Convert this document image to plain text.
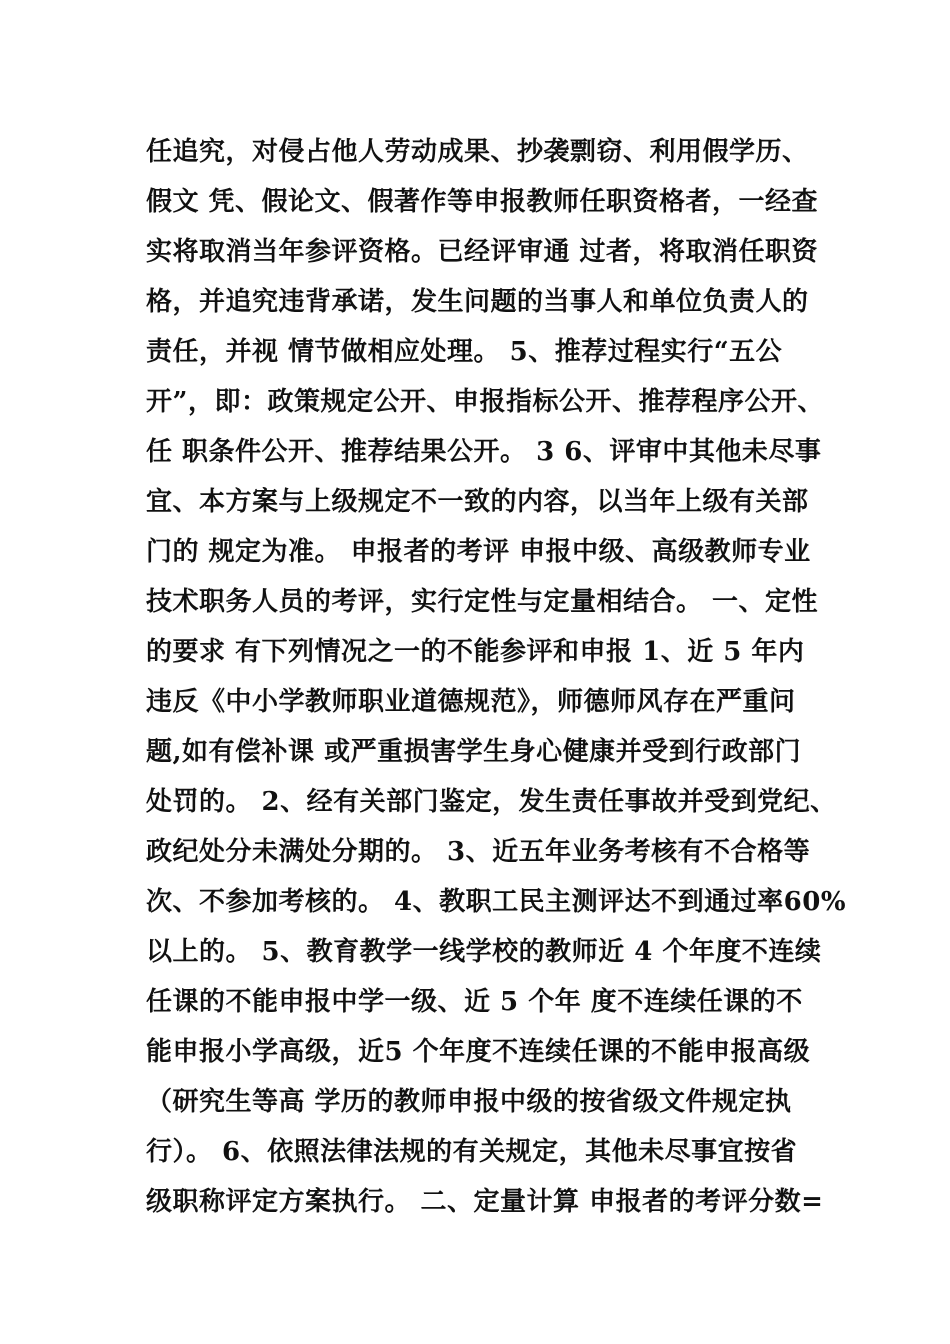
任追究，对侵占他人劳动成果、抄袭剽窃、利用假学历、
假文 凭、假论文、假著作等申报教师任职资格者，一经查
实将取消当年参评资格。已经评审通 过者，将取消任职资
格，并追究违背承诺，发生问题的当事人和单位负责人的
责任，并视 情节做相应处理。 5、推荐过程实行“五公
开”，即：政策规定公开、申报指标公开、推荐程序公开、
任 职条件公开、推荐结果公开。 3 6、评审中其他未尽事
宜、本方案与上级规定不一致的内容，以当年上级有关部
门的 规定为准。 申报者的考评 申报中级、高级教师专业
技术职务人员的考评，实行定性与定量相结合。 一、定性
的要求 有下列情况之一的不能参评和申报 1、近 5 年内
违反《中小学教师职业道德规范》，师德师风存在严重问
题,如有偿补课 或严重损害学生身心健康并受到行政部门
处罚的。 2、经有关部门鉴定，发生责任事故并受到党纪、
政纪处分未满处分期的。 3、近五年业务考核有不合格等
次、不参加考核的。 4、教职工民主测评达不到通过率60%
以上的。 5、教育教学一线学校的教师近 4 个年度不连续
任课的不能申报中学一级、近 5 个年 度不连续任课的不
能申报小学高级，近5 个年度不连续任课的不能申报高级
（研究生等高 学历的教师申报中级的按省级文件规定执
行）。 6、依照法律法规的有关规定，其他未尽事宜按省
级职称评定方案执行。 二、定量计算 申报者的考评分数=
